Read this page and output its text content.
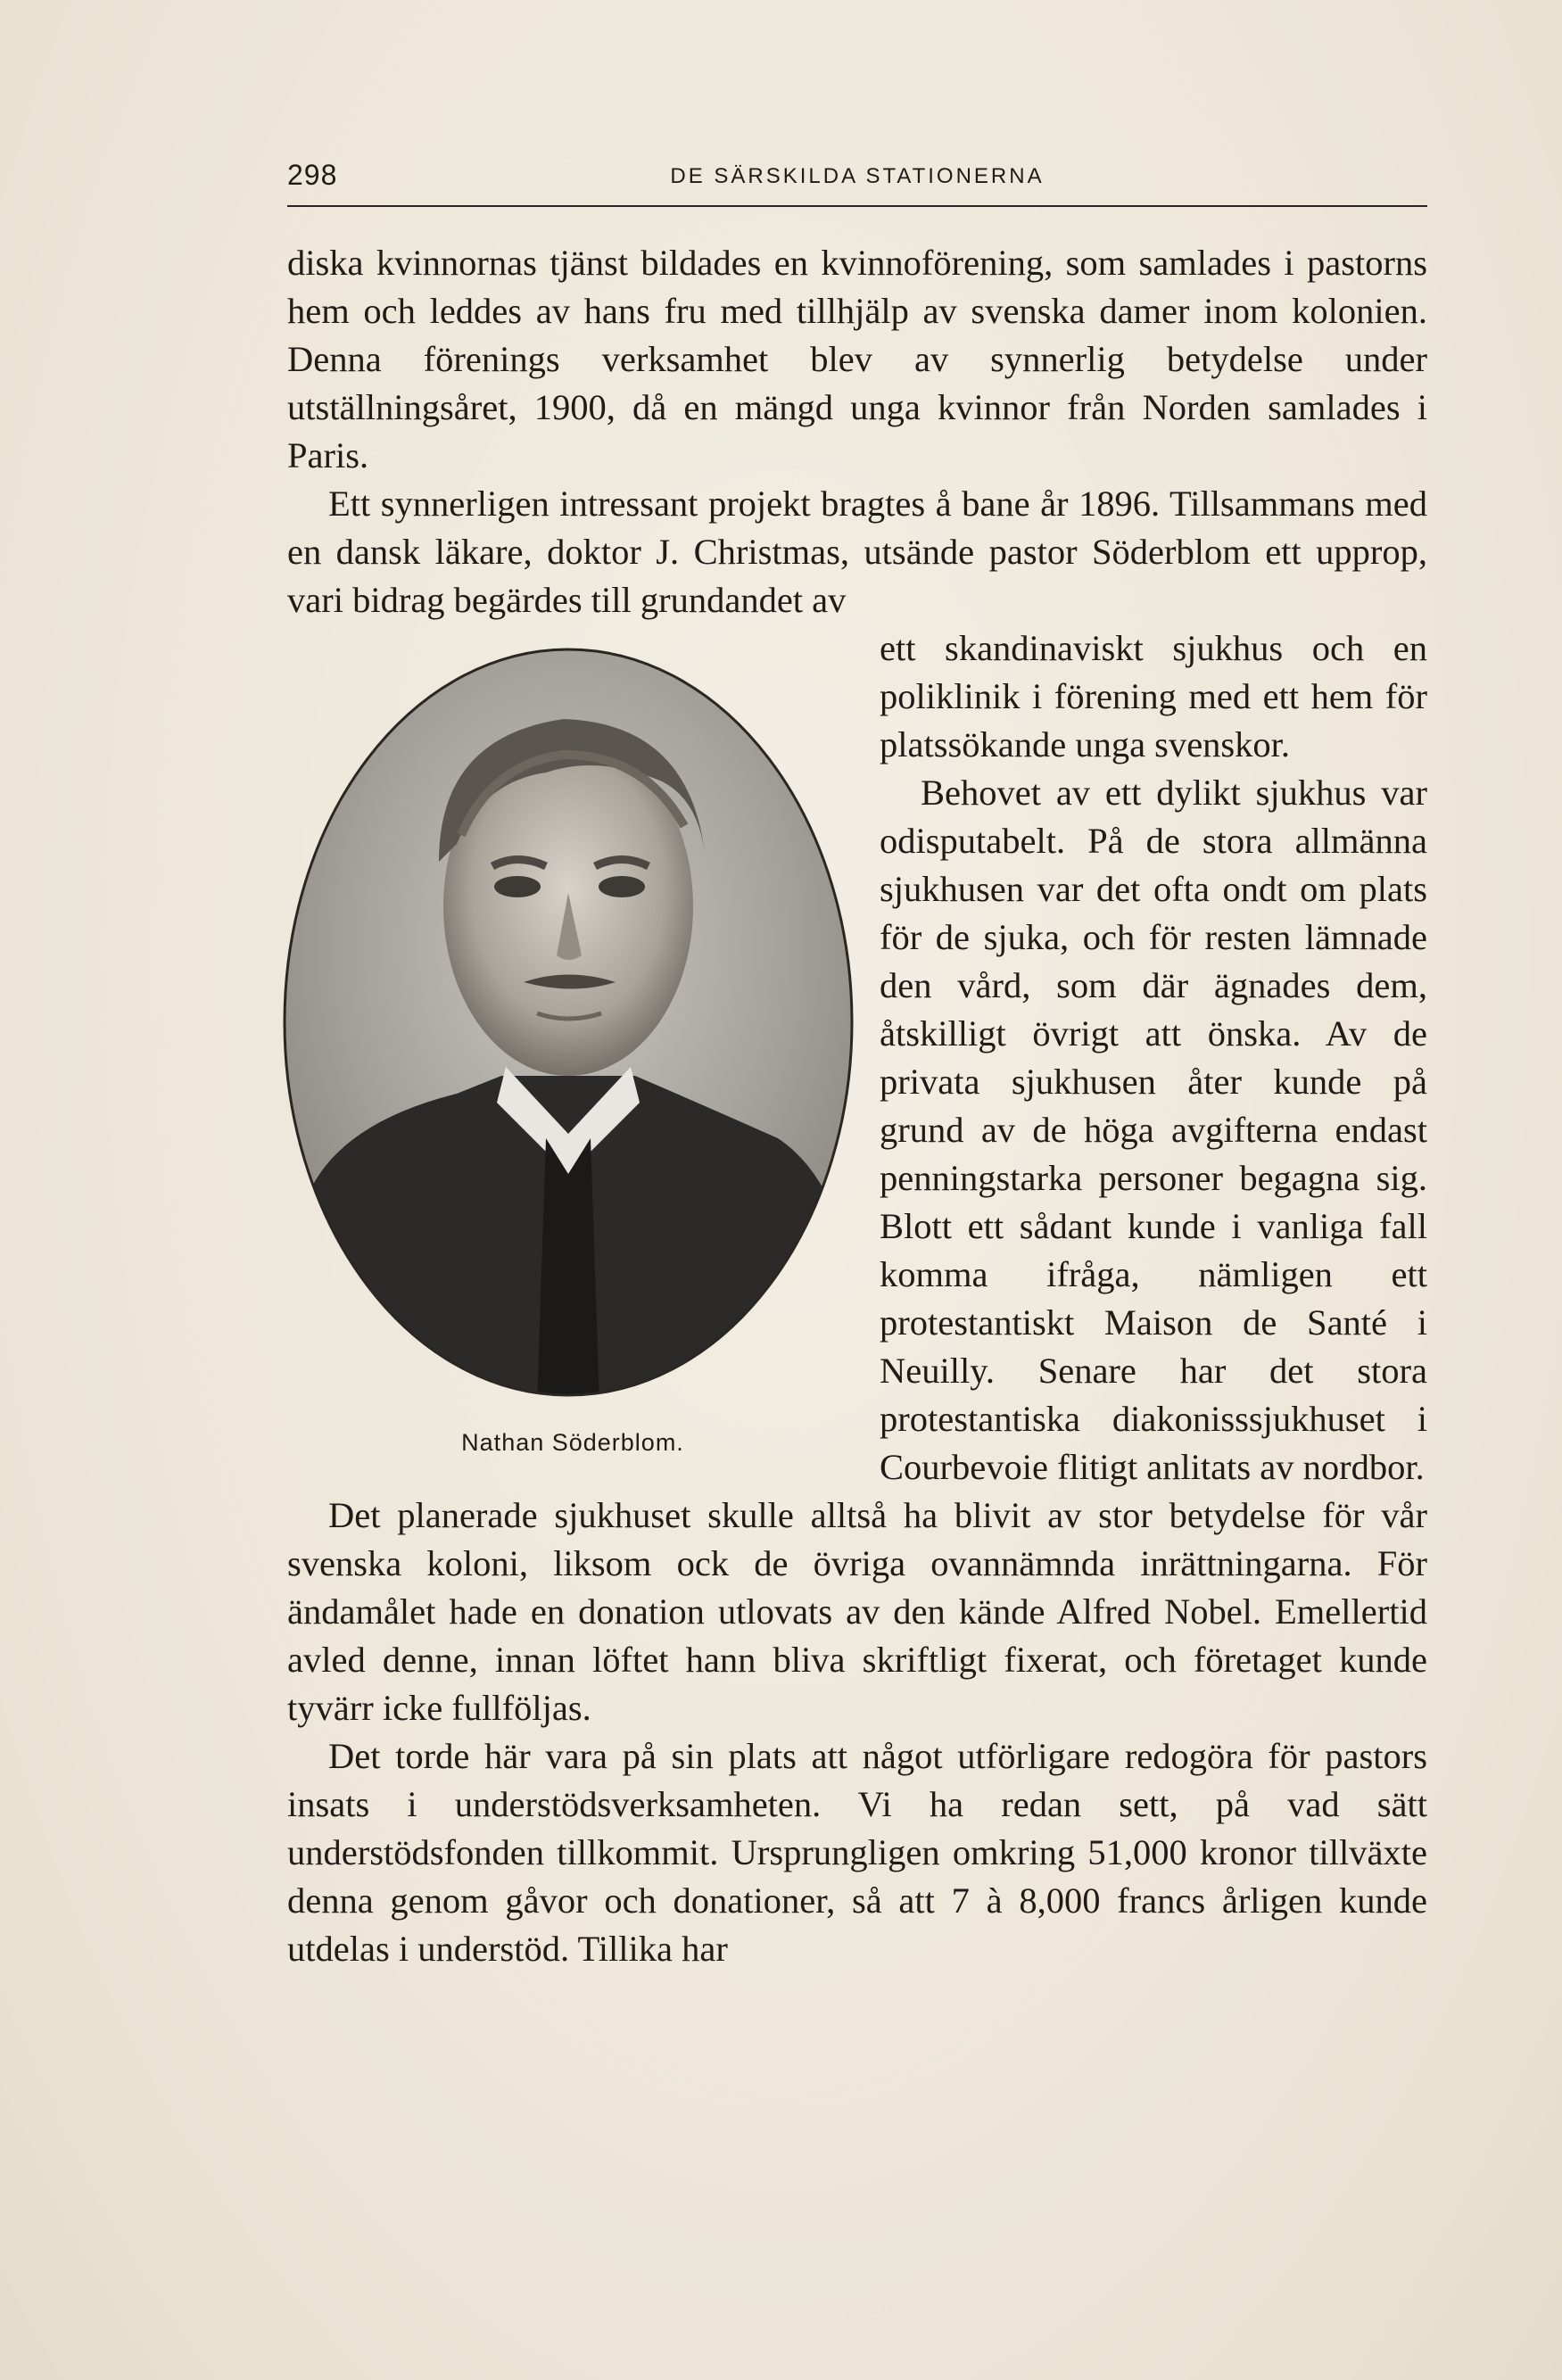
298	DE SÄRSKILDA STATIONERNA

diska kvinnornas tjänst bildades en kvinnoförening, som samlades i pastorns hem och leddes av hans fru med tillhjälp av svenska damer inom kolonien. Denna förenings verksamhet blev av synnerlig betydelse under utställningsåret, 1900, då en mängd unga kvinnor från Norden samlades i Paris.

Ett synnerligen intressant projekt bragtes å bane år 1896. Tillsammans med en dansk läkare, doktor J. Christmas, utsände pastor Söderblom ett upprop, vari bidrag begärdes till grundandet av

Nathan Söderblom.

ett skandinaviskt sjukhus och en poliklinik i förening med ett hem för platssökande unga svenskor.

Behovet av ett dylikt sjukhus var odisputabelt. På de stora allmänna sjukhusen var det ofta ondt om plats för de sjuka, och för resten lämnade den vård, som där ägnades dem, åtskilligt övrigt att önska. Av de privata sjukhusen åter kunde på grund av de höga avgifterna endast penningstarka personer begagna sig. Blott ett sådant kunde i vanliga fall komma ifråga, nämligen ett protestantiskt Maison de Santé i Neuilly. Senare har det stora protestantiska diakonisssjukhuset i Courbevoie flitigt anlitats av nordbor.

Det planerade sjukhuset skulle alltså ha blivit av stor betydelse för vår svenska koloni, liksom ock de övriga ovannämnda inrättningarna. För ändamålet hade en donation utlovats av den kände Alfred Nobel. Emellertid avled denne, innan löftet hann bliva skriftligt fixerat, och företaget kunde tyvärr icke fullföljas.

Det torde här vara på sin plats att något utförligare redogöra för pastors insats i understödsverksamheten. Vi ha redan sett, på vad sätt understödsfonden tillkommit. Ursprungligen omkring 51,000 kronor tillväxte denna genom gåvor och donationer, så att 7 à 8,000 francs årligen kunde utdelas i understöd. Tillika har
